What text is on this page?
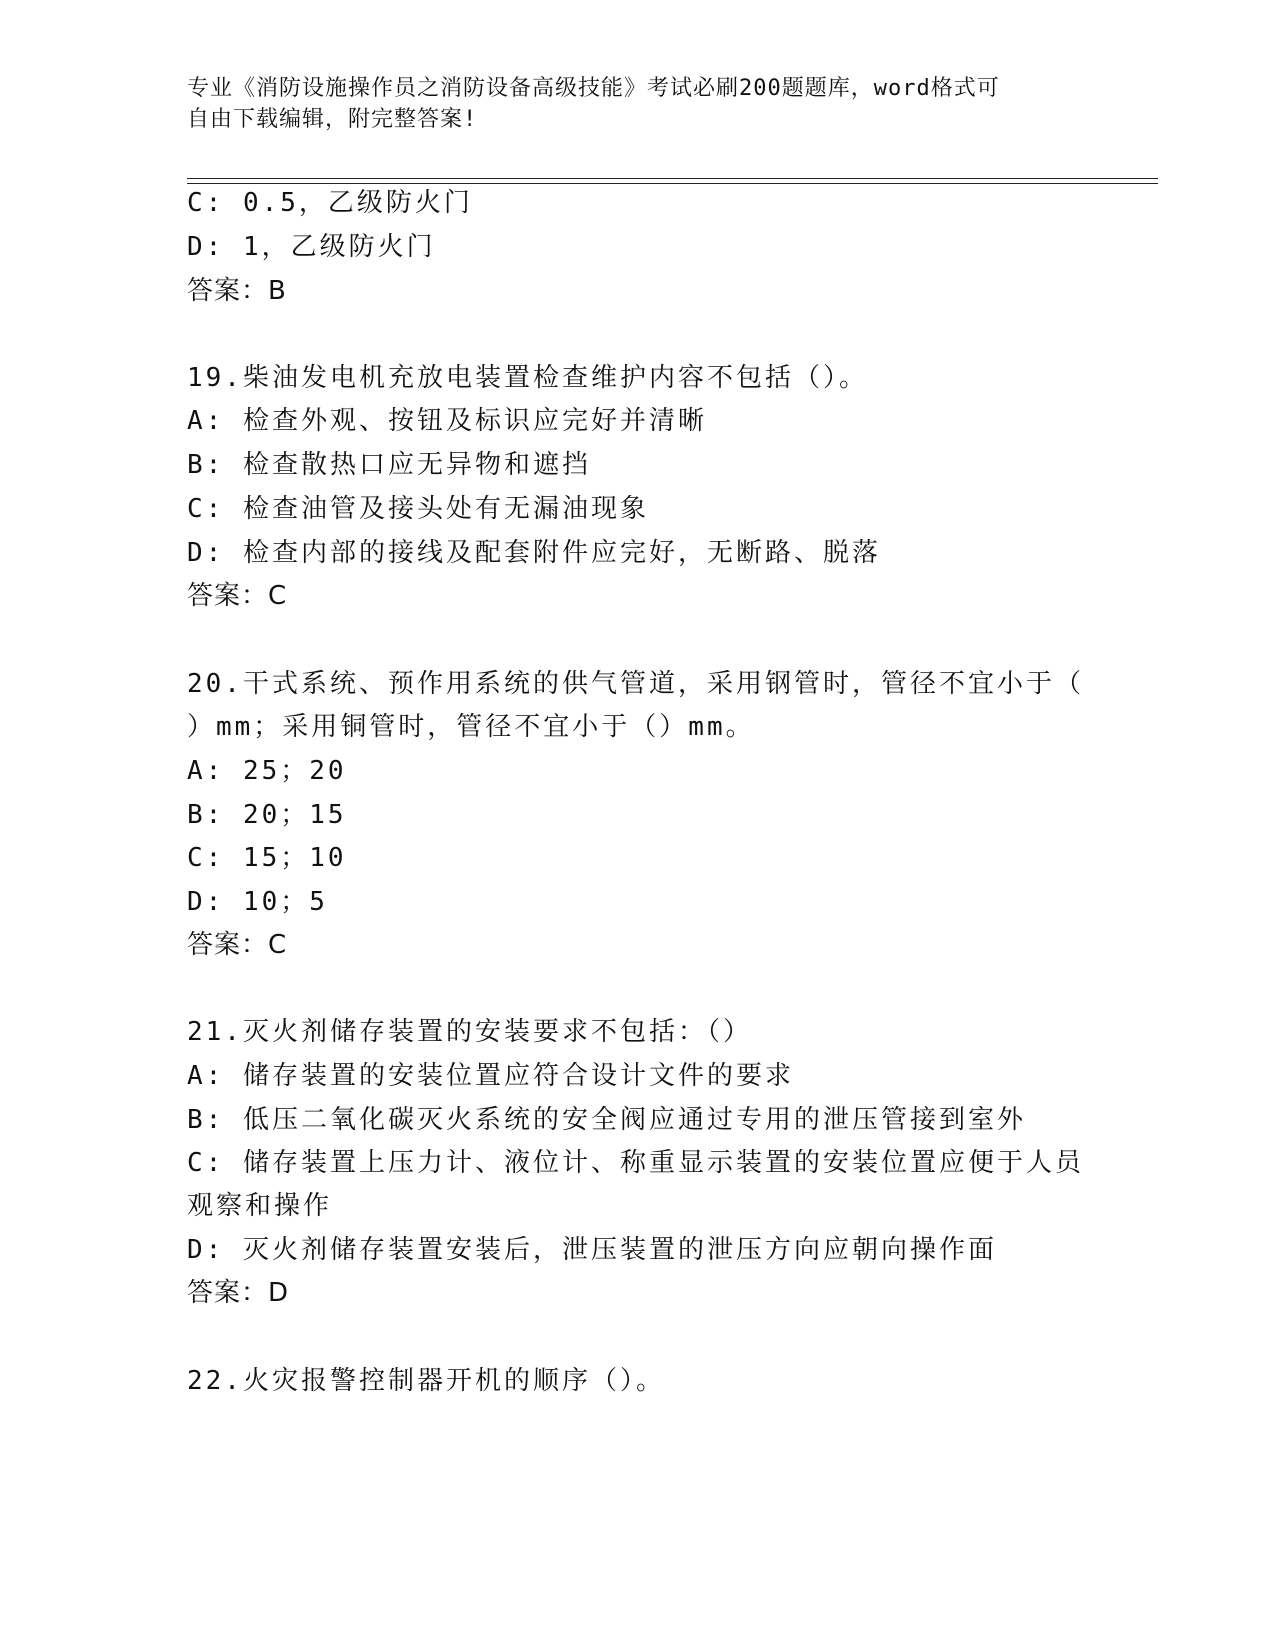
专业《消防设施操作员之消防设备高级技能》考试必刷200题题库，word格式可
自由下载编辑，附完整答案!
C: 0.5，乙级防火门
D: 1，乙级防火门
答案：B
19.柴油发电机充放电装置检查维护内容不包括（）。
A: 检查外观、按钮及标识应完好并清晰
B: 检查散热口应无异物和遮挡
C: 检查油管及接头处有无漏油现象
D: 检查内部的接线及配套附件应完好，无断路、脱落
答案：C
20.干式系统、预作用系统的供气管道，采用钢管时，管径不宜小于（
）mm；采用铜管时，管径不宜小于（）mm。
A: 25；20
B: 20；15
C: 15；10
D: 10；5
答案：C
21.灭火剂储存装置的安装要求不包括：（）
A: 储存装置的安装位置应符合设计文件的要求
B: 低压二氧化碳灭火系统的安全阀应通过专用的泄压管接到室外
C: 储存装置上压力计、液位计、称重显示装置的安装位置应便于人员
观察和操作
D: 灭火剂储存装置安装后，泄压装置的泄压方向应朝向操作面
答案：D
22.火灾报警控制器开机的顺序（）。
